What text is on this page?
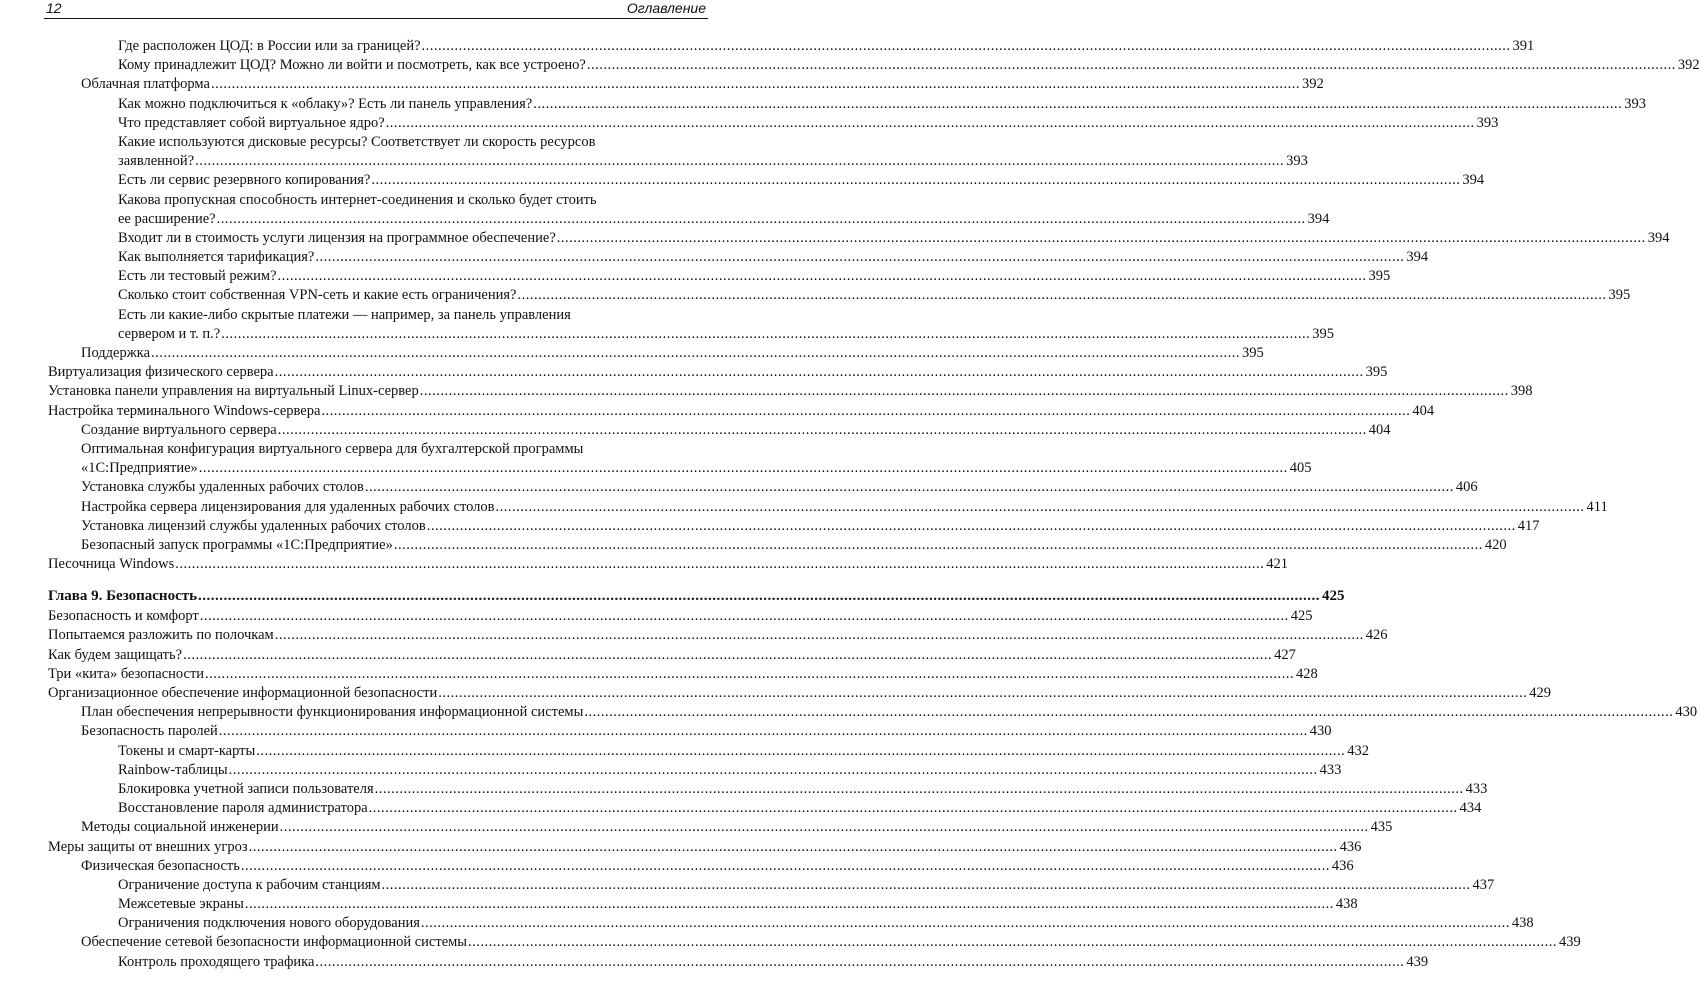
12	Оглавление
Где расположен ЦОД: в России или за границей? .....	391
Кому принадлежит ЦОД? Можно ли войти и посмотреть, как все устроено? .....	392
Облачная платформа .....	392
Как можно подключиться к «облаку»? Есть ли панель управления? .....	393
Что представляет собой виртуальное ядро? .....	393
Какие используются дисковые ресурсы? Соответствует ли скорость ресурсов
заявленной? .....	393
Есть ли сервис резервного копирования? .....	394
Какова пропускная способность интернет-соединения и сколько будет стоить
ее расширение? .....	394
Входит ли в стоимость услуги лицензия на программное обеспечение? .....	394
Как выполняется тарификация? .....	394
Есть ли тестовый режим? .....	395
Сколько стоит собственная VPN-сеть и какие есть ограничения? .....	395
Есть ли какие-либо скрытые платежи — например, за панель управления
сервером и т. п.? .....	395
Поддержка .....	395
Виртуализация физического сервера .....	395
Установка панели управления на виртуальный Linux-сервер .....	398
Настройка терминального Windows-сервера .....	404
Создание виртуального сервера .....	404
Оптимальная конфигурация виртуального сервера для бухгалтерской программы
«1С:Предприятие» .....	405
Установка службы удаленных рабочих столов .....	406
Настройка сервера лицензирования для удаленных рабочих столов .....	411
Установка лицензий службы удаленных рабочих столов .....	417
Безопасный запуск программы «1С:Предприятие» .....	420
Песочница Windows .....	421
Глава 9. Безопасность .....	425
Безопасность и комфорт .....	425
Попытаемся разложить по полочкам .....	426
Как будем защищать? .....	427
Три «кита» безопасности .....	428
Организационное обеспечение информационной безопасности .....	429
План обеспечения непрерывности функционирования информационной системы .....	430
Безопасность паролей .....	430
Токены и смарт-карты .....	432
Rainbow-таблицы .....	433
Блокировка учетной записи пользователя .....	433
Восстановление пароля администратора .....	434
Методы социальной инженерии .....	435
Меры защиты от внешних угроз .....	436
Физическая безопасность .....	436
Ограничение доступа к рабочим станциям .....	437
Межсетевые экраны .....	438
Ограничения подключения нового оборудования .....	438
Обеспечение сетевой безопасности информационной системы .....	439
Контроль проходящего трафика .....	439
